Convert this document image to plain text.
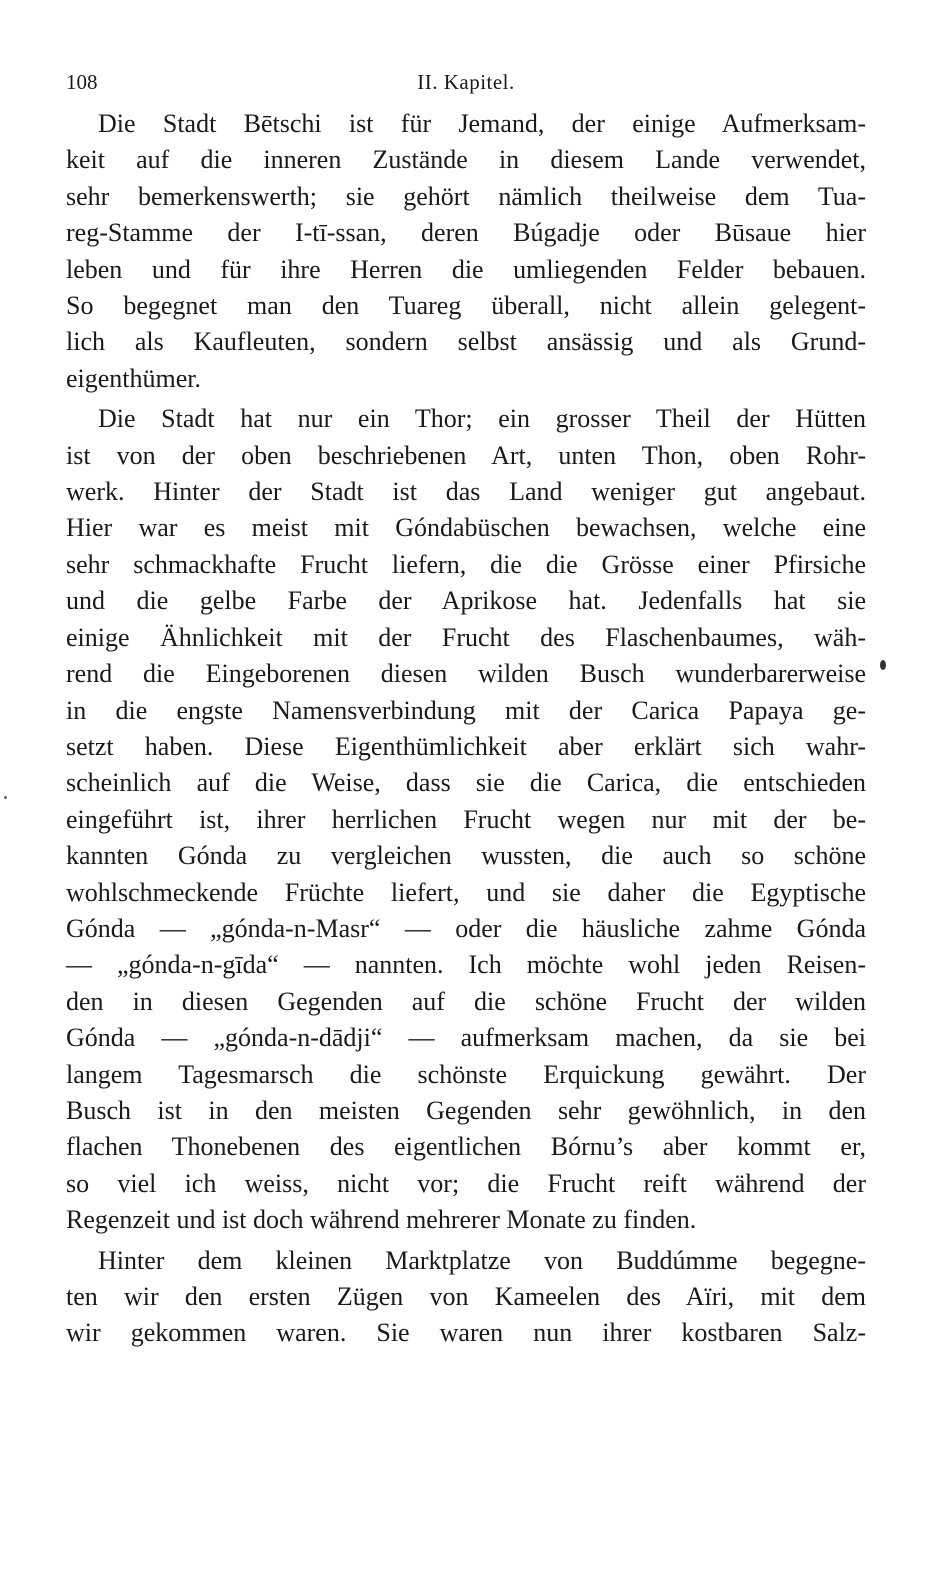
108	II. Kapitel.
Die Stadt Bētschi ist für Jemand, der einige Aufmerksam-
keit auf die inneren Zustände in diesem Lande verwendet,
sehr bemerkenswerth; sie gehört nämlich theilweise dem Tua-
reg-Stamme der I-tī-ssan, deren Búgadje oder Būsaue hier
leben und für ihre Herren die umliegenden Felder bebauen.
So begegnet man den Tuareg überall, nicht allein gelegent-
lich als Kaufleuten, sondern selbst ansässig und als Grund-
eigenthümer.
Die Stadt hat nur ein Thor; ein grosser Theil der Hütten
ist von der oben beschriebenen Art, unten Thon, oben Rohr-
werk. Hinter der Stadt ist das Land weniger gut angebaut.
Hier war es meist mit Góndabüschen bewachsen, welche eine
sehr schmackhafte Frucht liefern, die die Grösse einer Pfirsiche
und die gelbe Farbe der Aprikose hat. Jedenfalls hat sie
einige Ähnlichkeit mit der Frucht des Flaschenbaumes, wäh-
rend die Eingeborenen diesen wilden Busch wunderbarerweise
in die engste Namensverbindung mit der Carica Papaya ge-
setzt haben. Diese Eigenthümlichkeit aber erklärt sich wahr-
scheinlich auf die Weise, dass sie die Carica, die entschieden
eingeführt ist, ihrer herrlichen Frucht wegen nur mit der be-
kannten Gónda zu vergleichen wussten, die auch so schöne
wohlschmeckende Früchte liefert, und sie daher die Egyptische
Gónda — „gónda-n-Masr“ — oder die häusliche zahme Gónda
— „gónda-n-gīda“ — nannten. Ich möchte wohl jeden Reisen-
den in diesen Gegenden auf die schöne Frucht der wilden
Gónda — „gónda-n-dādji“ — aufmerksam machen, da sie bei
langem Tagesmarsch die schönste Erquickung gewährt. Der
Busch ist in den meisten Gegenden sehr gewöhnlich, in den
flachen Thonebenen des eigentlichen Bórnu’s aber kommt er,
so viel ich weiss, nicht vor; die Frucht reift während der
Regenzeit und ist doch während mehrerer Monate zu finden.
Hinter dem kleinen Marktplatze von Buddúmme begegne-
ten wir den ersten Zügen von Kameelen des Aïri, mit dem
wir gekommen waren. Sie waren nun ihrer kostbaren Salz-
